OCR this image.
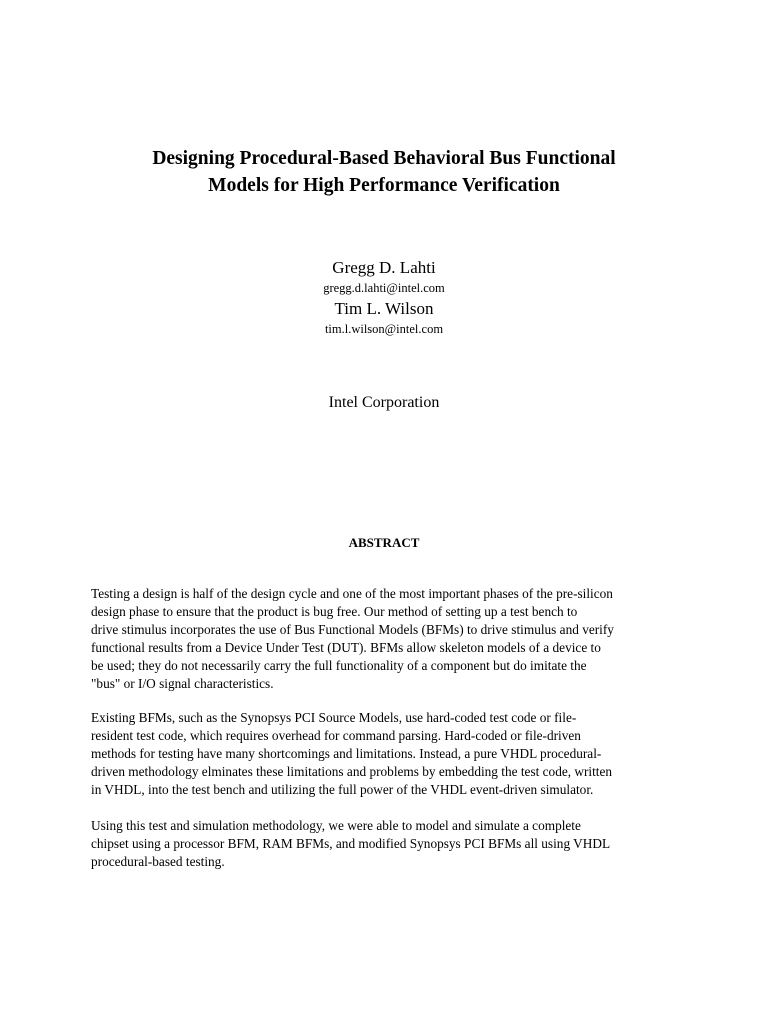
Designing Procedural-Based Behavioral Bus Functional
Models for High Performance Verification
Gregg D. Lahti
gregg.d.lahti@intel.com
Tim L. Wilson
tim.l.wilson@intel.com
Intel Corporation
ABSTRACT
Testing a design is half of the design cycle and one of the most important phases of the pre-silicon
design phase to ensure that the product is bug free. Our method of setting up a test bench to
drive stimulus incorporates the use of Bus Functional Models (BFMs) to drive stimulus and verify
functional results from a Device Under Test (DUT). BFMs allow skeleton models of a device to
be used; they do not necessarily carry the full functionality of a component but do imitate the
"bus" or I/O signal characteristics.
Existing BFMs, such as the Synopsys PCI Source Models, use hard-coded test code or file-
resident test code, which requires overhead for command parsing. Hard-coded or file-driven
methods for testing have many shortcomings and limitations. Instead, a pure VHDL procedural-
driven methodology elminates these limitations and problems by embedding the test code, written
in VHDL, into the test bench and utilizing the full power of the VHDL event-driven simulator.
Using this test and simulation methodology, we were able to model and simulate a complete
chipset using a processor BFM, RAM BFMs, and modified Synopsys PCI BFMs all using VHDL
procedural-based testing.
